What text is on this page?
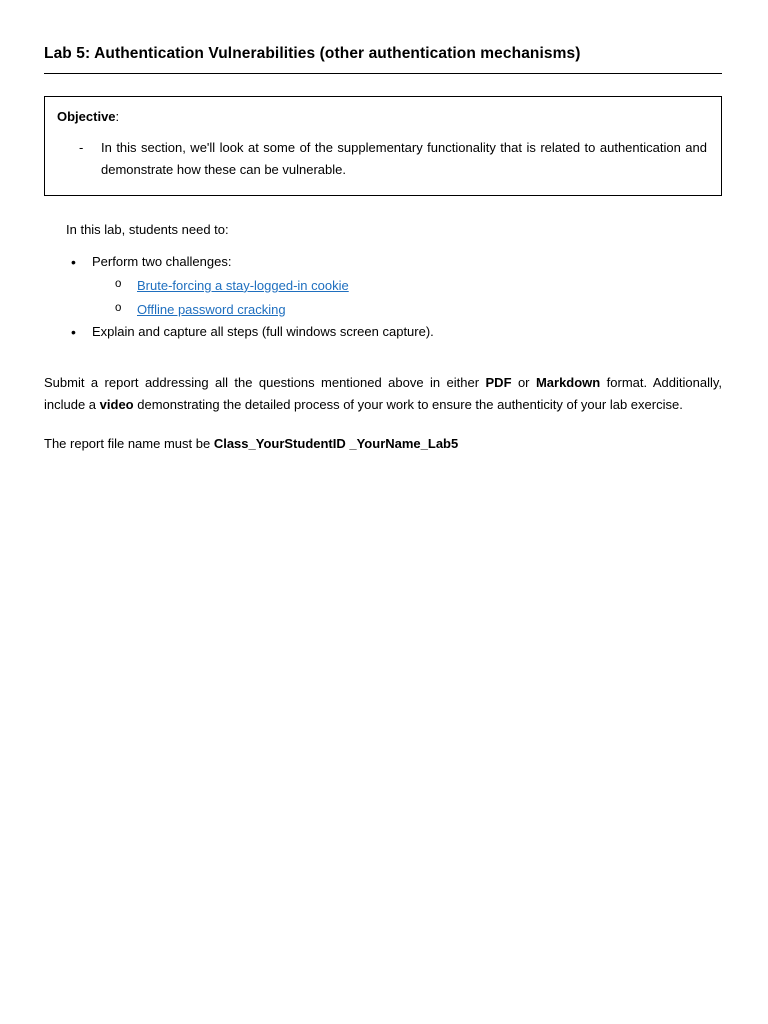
Lab 5: Authentication Vulnerabilities (other authentication mechanisms)
Objective:
-	In this section, we'll look at some of the supplementary functionality that is related to authentication and demonstrate how these can be vulnerable.
In this lab, students need to:
• Perform two challenges:
o Brute-forcing a stay-logged-in cookie
o Offline password cracking
• Explain and capture all steps (full windows screen capture).
Submit a report addressing all the questions mentioned above in either PDF or Markdown format. Additionally, include a video demonstrating the detailed process of your work to ensure the authenticity of your lab exercise.
The report file name must be Class_YourStudentID _YourName_Lab5
